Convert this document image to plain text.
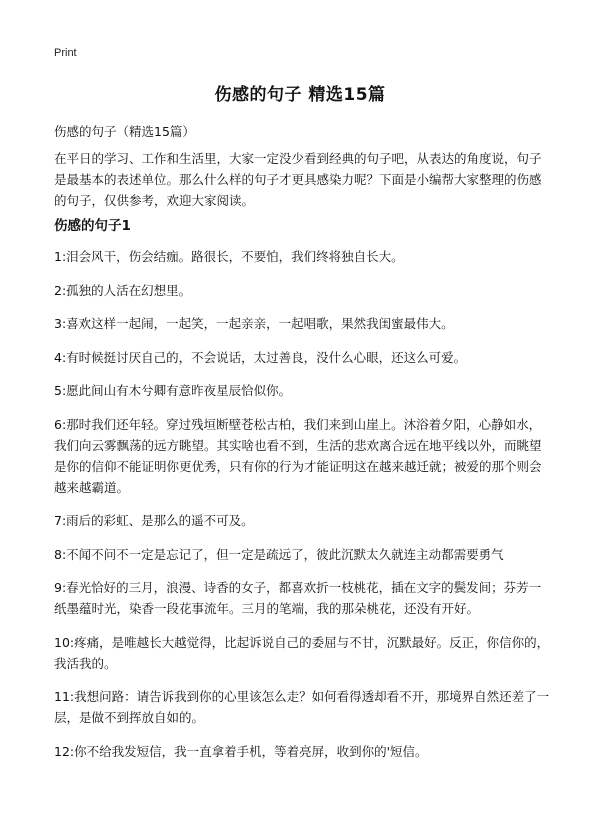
Print
伤感的句子 精选15篇
伤感的句子（精选15篇）

在平日的学习、工作和生活里，大家一定没少看到经典的句子吧，从表达的角度说，句子是最基本的表述单位。那么什么样的句子才更具感染力呢？下面是小编帮大家整理的伤感的句子，仅供参考，欢迎大家阅读。

伤感的句子1
1:泪会风干，伤会结痂。路很长，不要怕，我们终将独自长大。
2:孤独的人活在幻想里。
3:喜欢这样一起闹，一起笑，一起亲亲，一起唱歌，果然我闺蜜最伟大。
4:有时候挺讨厌自己的，不会说话，太过善良，没什么心眼，还这么可爱。
5:愿此间山有木兮卿有意昨夜星辰恰似你。
6:那时我们还年轻。穿过残垣断壁苍松古柏，我们来到山崖上。沐浴着夕阳，心静如水，我们向云雾飘荡的远方眺望。其实啥也看不到，生活的悲欢离合远在地平线以外，而眺望是你的信仰不能证明你更优秀，只有你的行为才能证明这在越来越迁就；被爱的那个则会越来越霸道。
7:雨后的彩虹、是那么的遥不可及。
8:不闻不问不一定是忘记了，但一定是疏远了，彼此沉默太久就连主动都需要勇气
9:春光恰好的三月，浪漫、诗香的女子，都喜欢折一枝桃花，插在文字的鬓发间；芬芳一纸墨蕴时光，染香一段花事流年。三月的笔端，我的那朵桃花，还没有开好。
10:疼痛，是唯越长大越觉得，比起诉说自己的委屈与不甘，沉默最好。反正，你信你的，我活我的。
11:我想问路：请告诉我到你的心里该怎么走？如何看得透却看不开，那境界自然还差了一层，是做不到挥放自如的。
12:你不给我发短信，我一直拿着手机，等着亮屏，收到你的'短信。
